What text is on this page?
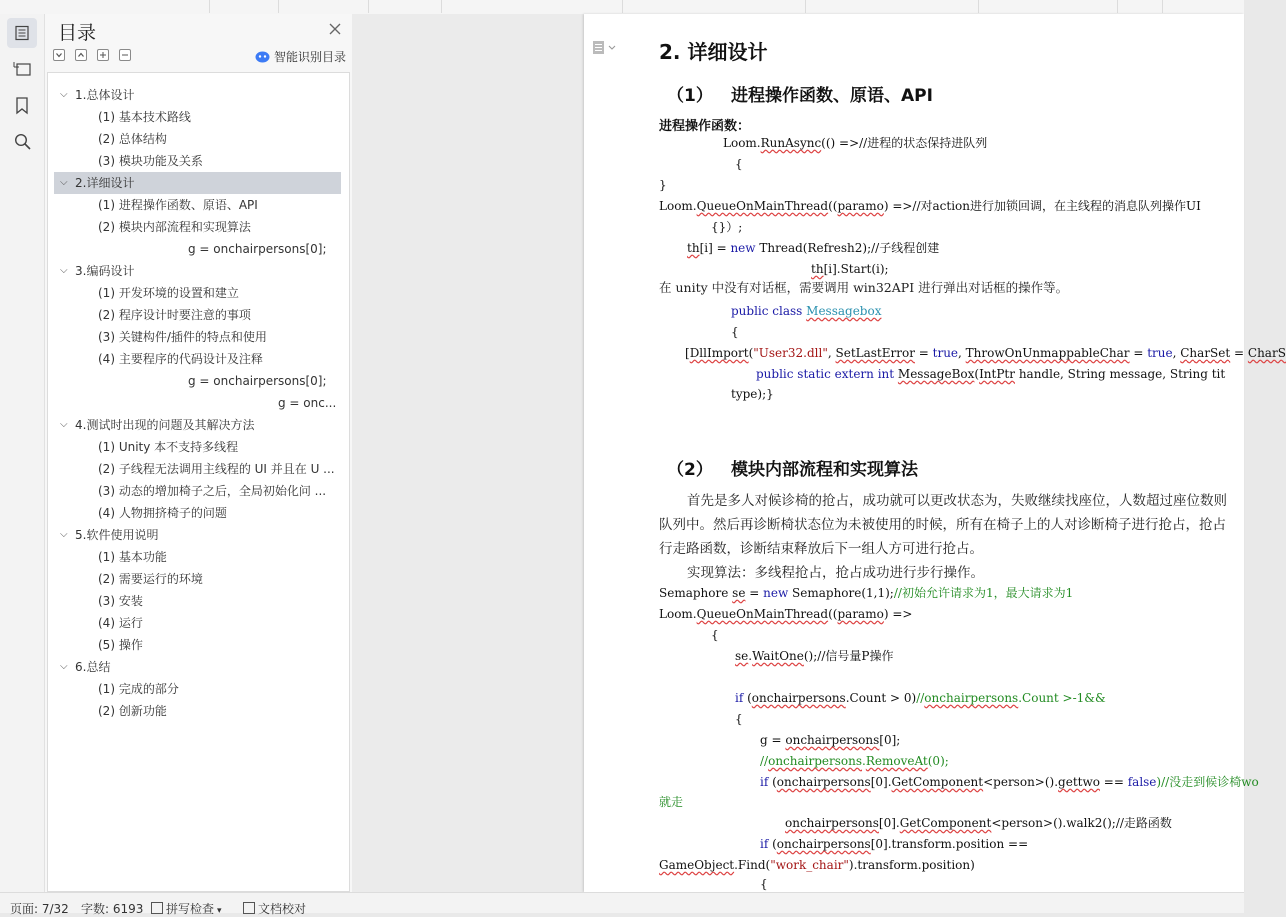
目录
智能识别目录
⌵ 1.总体设计
(1) 基本技术路线
(2) 总体结构
(3) 模块功能及关系
⌵ 2.详细设计
(1) 进程操作函数、原语、API
(2) 模块内部流程和实现算法
g = onchairpersons[0];
⌵ 3.编码设计
(1) 开发环境的设置和建立
(2) 程序设计时要注意的事项
(3) 关键构件/插件的特点和使用
(4) 主要程序的代码设计及注释
g = onchairpersons[0];
g = onc...
⌵ 4.测试时出现的问题及其解决方法
(1) Unity 本不支持多线程
(2) 子线程无法调用主线程的 UI 并且在 U ...
(3) 动态的增加椅子之后，全局初始化问 ...
(4) 人物拥挤椅子的问题
⌵ 5.软件使用说明
(1) 基本功能
(2) 需要运行的环境
(3) 安装
(4) 运行
(5) 操作
⌵ 6.总结
(1) 完成的部分
(2) 创新功能
2. 详细设计
（1） 进程操作函数、原语、API
进程操作函数：
Loom.RunAsync(() =>//进程的状态保持进队列
{
}
Loom.QueueOnMainThread((paramo) =>//对action进行加锁回调，在主线程的消息队列操作UI
{}）;
th[i] = new Thread(Refresh2);//子线程创建
th[i].Start(i);
在 unity 中没有对话框，需要调用 win32API 进行弹出对话框的操作等。
public class Messagebox
{
[DllImport("User32.dll", SetLastError = true, ThrowOnUnmappableChar = true, CharSet = CharS
public static extern int MessageBox(IntPtr handle, String message, String tit
type);}
（2） 模块内部流程和实现算法
首先是多人对候诊椅的抢占，成功就可以更改状态为，失败继续找座位，人数超过座位数则
队列中。然后再诊断椅状态位为未被使用的时候，所有在椅子上的人对诊断椅子进行抢占，抢占
行走路函数，诊断结束释放后下一组人方可进行抢占。
实现算法：多线程抢占，抢占成功进行步行操作。
Semaphore se = new Semaphore(1,1);//初始允许请求为1，最大请求为1
Loom.QueueOnMainThread((paramo) =>
{
se.WaitOne();//信号量P操作
if (onchairpersons.Count > 0)//onchairpersons.Count >-1&&
{
g = onchairpersons[0];
//onchairpersons.RemoveAt(0);
if (onchairpersons[0].GetComponent<person>().gettwo == false)//没走到候诊椅wo
就走
onchairpersons[0].GetComponent<person>().walk2();//走路函数
if (onchairpersons[0].transform.position ==
GameObject.Find("work_chair").transform.position)
{
页面: 7/32 字数: 6193	拼写检查 ▾	文档校对
